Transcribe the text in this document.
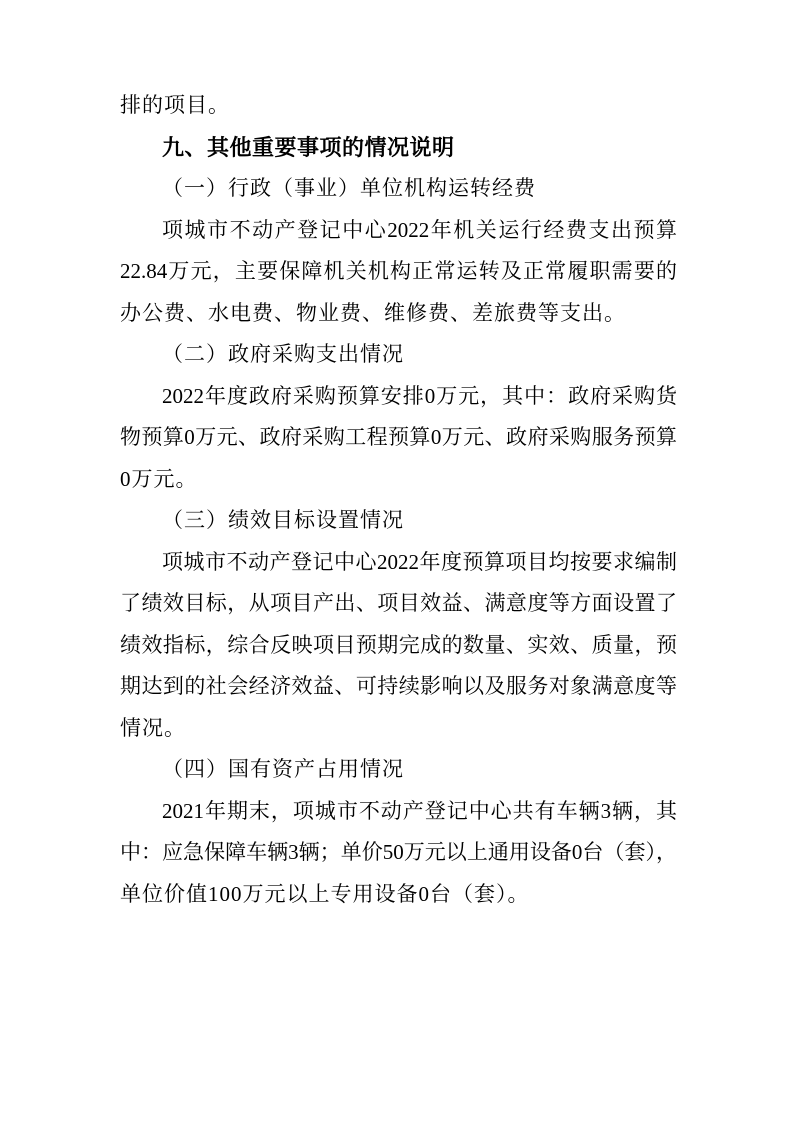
排的项目。

九、其他重要事项的情况说明

（一）行政（事业）单位机构运转经费

项城市不动产登记中心2022年机关运行经费支出预算

22.84万元，主要保障机关机构正常运转及正常履职需要的

办公费、水电费、物业费、维修费、差旅费等支出。

（二）政府采购支出情况

2022年度政府采购预算安排0万元，其中：政府采购货

物预算0万元、政府采购工程预算0万元、政府采购服务预算

0万元。

（三）绩效目标设置情况

项城市不动产登记中心2022年度预算项目均按要求编制

了绩效目标，从项目产出、项目效益、满意度等方面设置了

绩效指标，综合反映项目预期完成的数量、实效、质量，预

期达到的社会经济效益、可持续影响以及服务对象满意度等

情况。

（四）国有资产占用情况

2021年期末，项城市不动产登记中心共有车辆3辆，其

中：应急保障车辆3辆；单价50万元以上通用设备0台（套），

单位价值100万元以上专用设备0台（套）。
